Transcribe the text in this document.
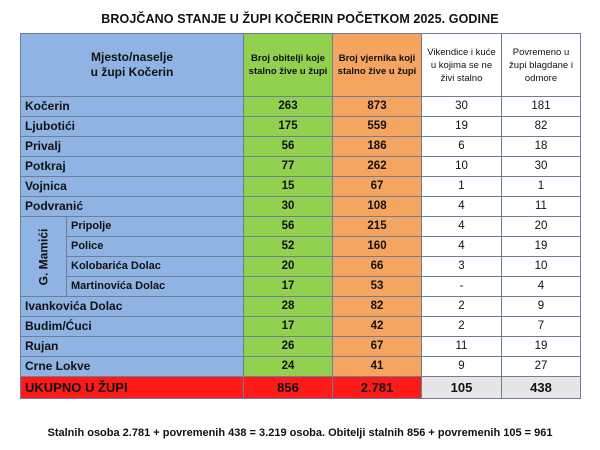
BROJČANO STANJE U ŽUPI KOČERIN POČETKOM 2025. GODINE
Mjesto/naselje
u župi Kočerin		Broj obitelji koje stalno žive u župi	Broj vjernika koji stalno žive u župi	Vikendice i kuće u kojima se ne živi stalno	Povremeno u župi blagdane i odmore
Kočerin		263	873	30	181
Ljubotići		175	559	19	82
Privalj		56	186	6	18
Potkraj		77	262	10	30
Vojnica		15	67	1	1
Podvranić		30	108	4	11

G. Mamići	Pripolje	56	215	4	20
	Police	52	160	4	19
	Kolobarića Dolac	20	66	3	10
	Martinovića Dolac	17	53	-	4
Ivankovića Dolac		28	82	2	9
Budim/Ćuci		17	42	2	7
Rujan		26	67	11	19
Crne Lokve		24	41	9	27
UKUPNO U ŽUPI		856	2.781	105	438
Stalnih osoba 2.781 + povremenih 438 = 3.219 osoba. Obitelji stalnih 856 + povremenih 105 = 961
